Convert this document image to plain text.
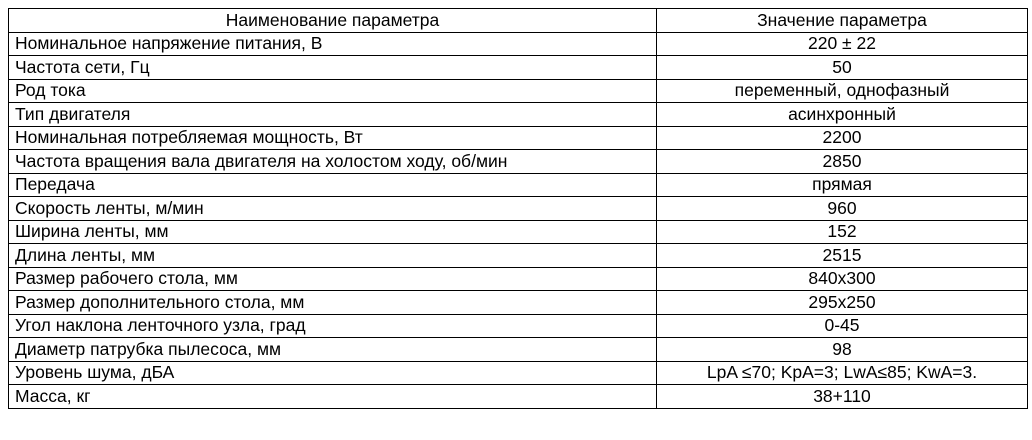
Наименование параметра	Значение параметра
Номинальное напряжение питания, В	220 ± 22
Частота сети, Гц	50
Род тока	переменный, однофазный
Тип двигателя	асинхронный
Номинальная потребляемая мощность, Вт	2200
Частота вращения вала двигателя на холостом ходу, об/мин	2850
Передача	прямая
Скорость ленты, м/мин	960
Ширина ленты, мм	152
Длина ленты, мм	2515
Размер рабочего стола, мм	840x300
Размер дополнительного стола, мм	295x250
Угол наклона ленточного узла, град	0-45
Диаметр патрубка пылесоса, мм	98
Уровень шума, дБА	LpA ≤70; KpA=3; LwA≤85; KwA=3.
Масса, кг	38+110
